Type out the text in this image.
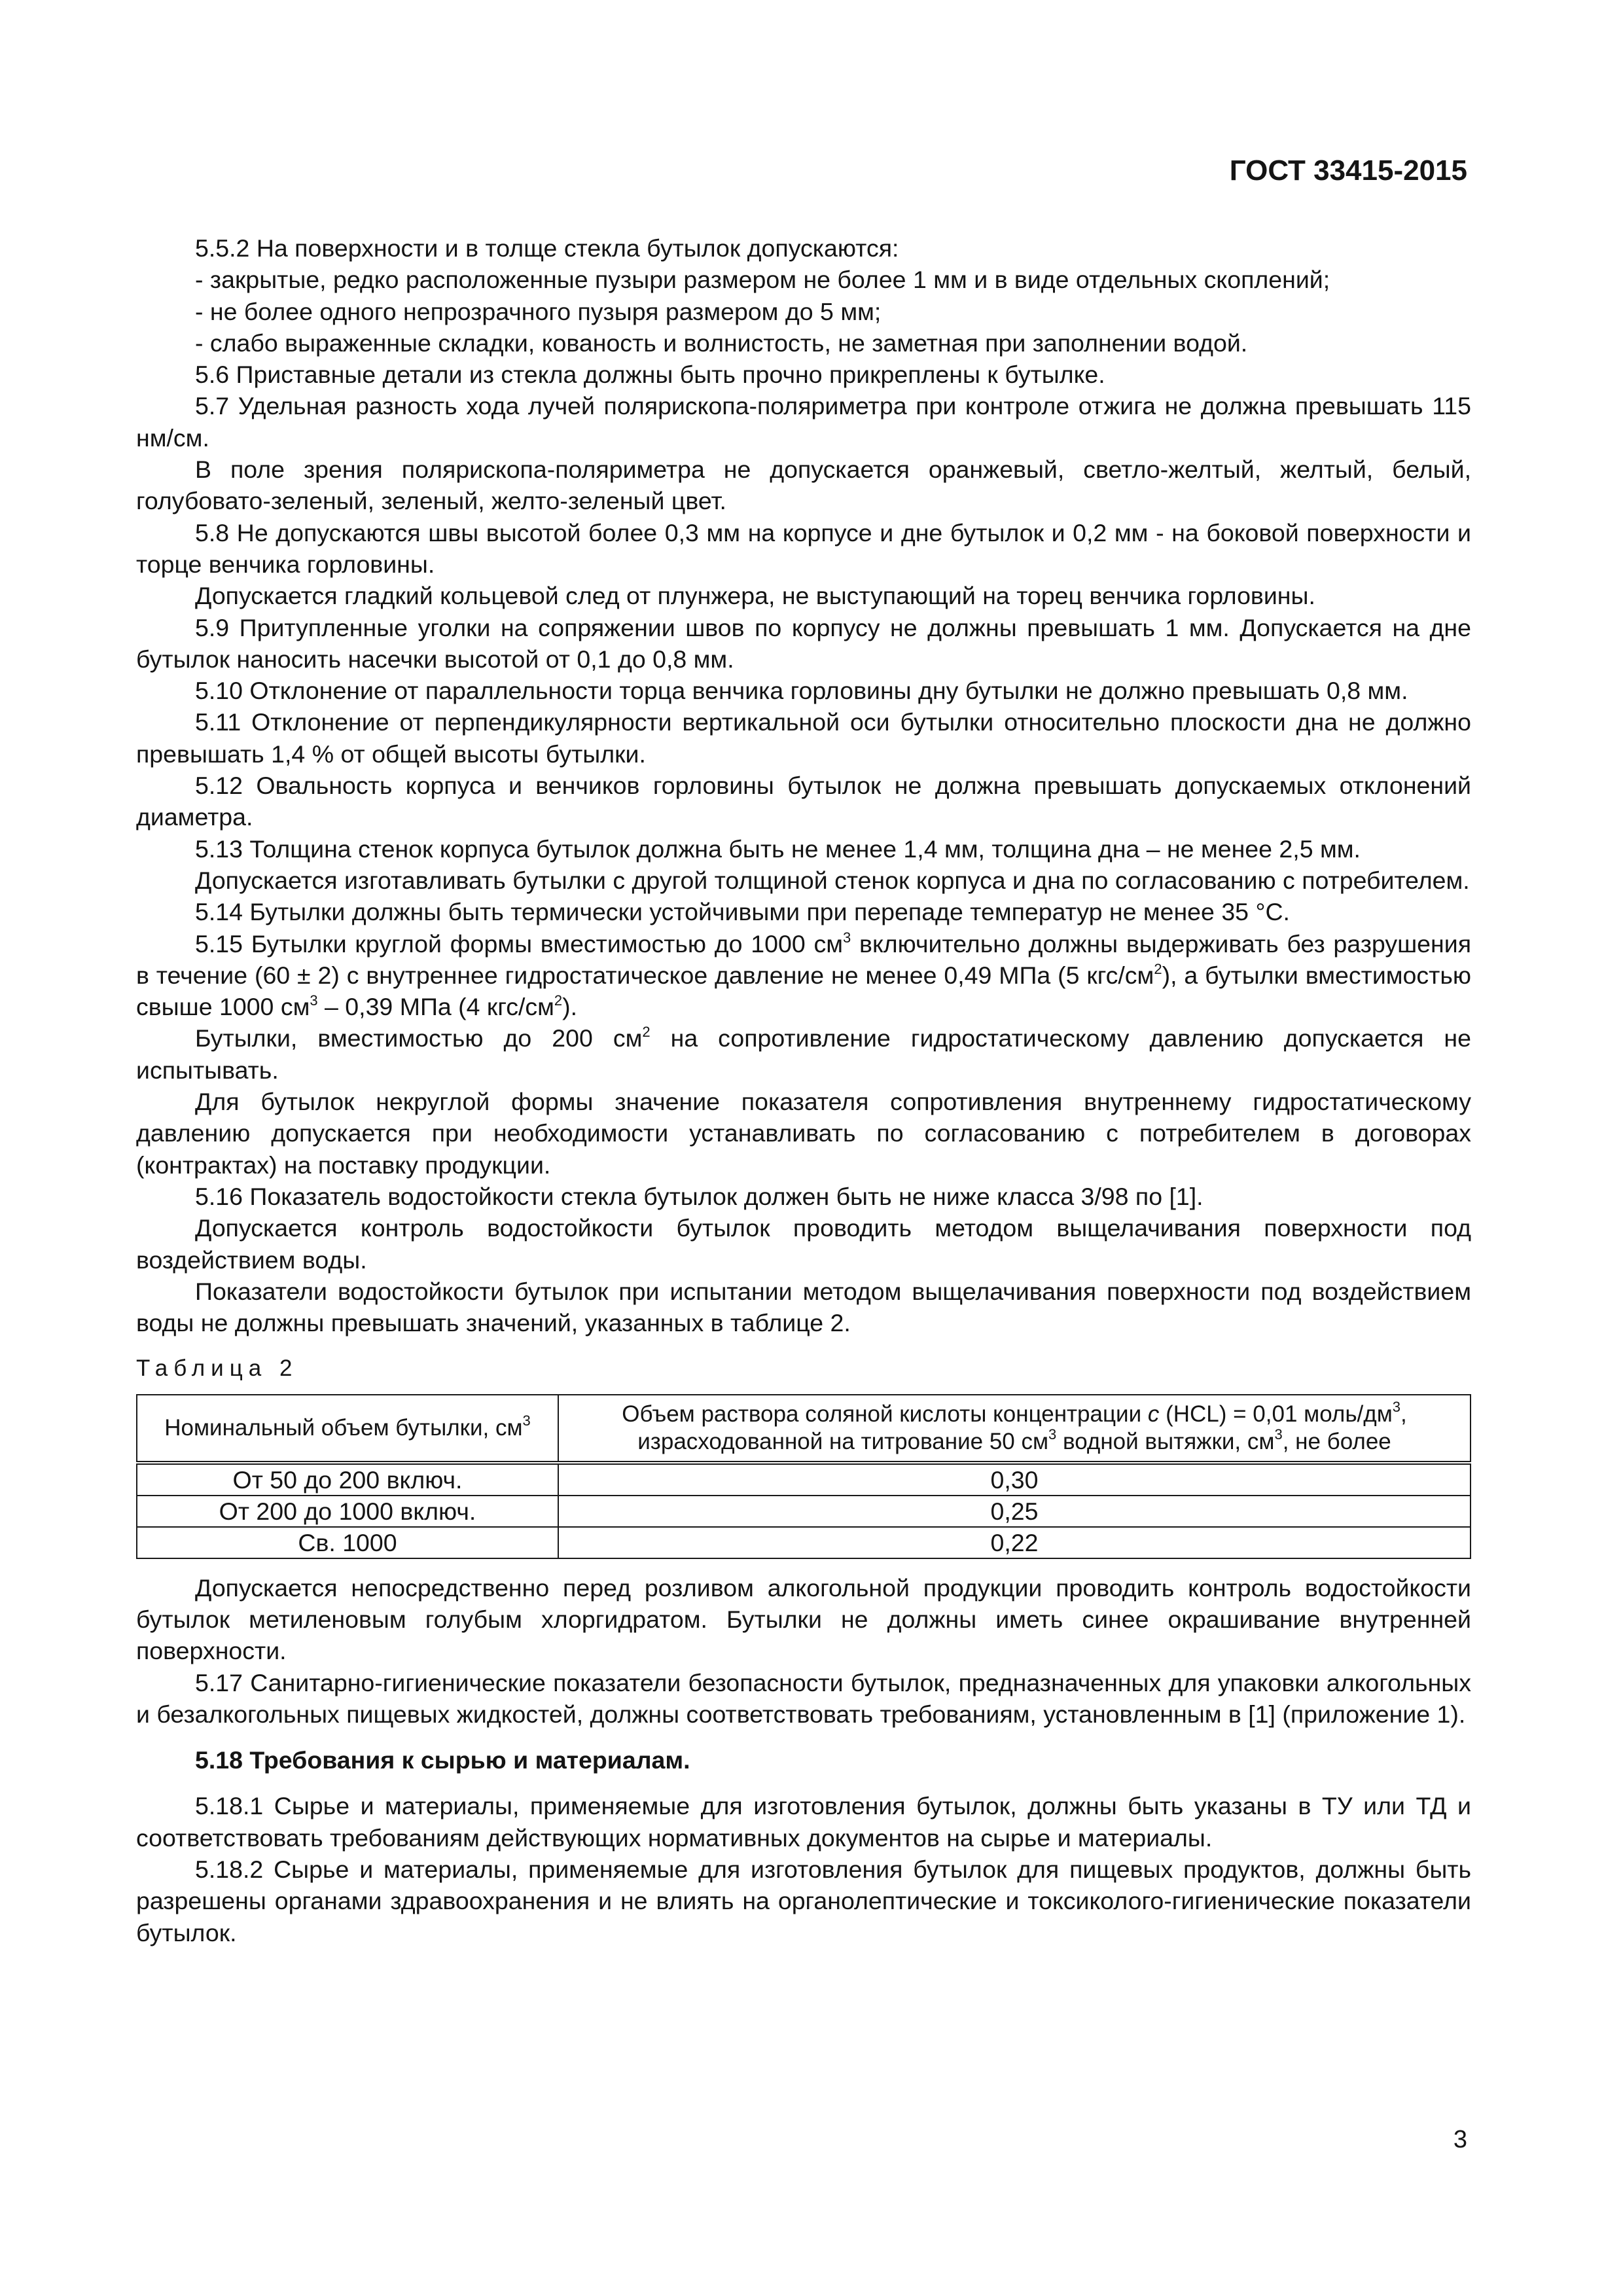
ГОСТ 33415-2015

5.5.2 На поверхности и в толще стекла бутылок допускаются:

- закрытые, редко расположенные пузыри размером не более 1 мм и в виде отдельных скоплений;

- не более одного непрозрачного пузыря размером до 5 мм;

- слабо выраженные складки, кованость и волнистость, не заметная при заполнении водой.

5.6 Приставные детали из стекла должны быть прочно прикреплены к бутылке.

5.7 Удельная разность хода лучей полярископа-поляриметра при контроле отжига не должна превышать 115 нм/см.

В поле зрения полярископа-поляриметра не допускается оранжевый, светло-желтый, желтый, белый, голубовато-зеленый, зеленый, желто-зеленый цвет.

5.8 Не допускаются швы высотой более 0,3 мм на корпусе и дне бутылок и 0,2 мм - на боковой поверхности и торце венчика горловины.

Допускается гладкий кольцевой след от плунжера, не выступающий на торец венчика горловины.

5.9 Притупленные уголки на сопряжении швов по корпусу не должны превышать 1 мм. Допускается на дне бутылок наносить насечки высотой от 0,1 до 0,8 мм.

5.10 Отклонение от параллельности торца венчика горловины дну бутылки не должно превышать 0,8 мм.

5.11 Отклонение от перпендикулярности вертикальной оси бутылки относительно плоскости дна не должно превышать 1,4 % от общей высоты бутылки.

5.12 Овальность корпуса и венчиков горловины бутылок не должна превышать допускаемых отклонений диаметра.

5.13 Толщина стенок корпуса бутылок должна быть не менее 1,4 мм, толщина дна – не менее 2,5 мм.

Допускается изготавливать бутылки с другой толщиной стенок корпуса и дна по согласованию с потребителем.

5.14 Бутылки должны быть термически устойчивыми при перепаде температур не менее 35 °С.

5.15 Бутылки круглой формы вместимостью до 1000 $см^3$ включительно должны выдерживать без разрушения в течение (60 ± 2) с внутреннее гидростатическое давление не менее 0,49 МПа (5 кгс/$см^2$), а бутылки вместимостью свыше 1000 $см^3 - 0,39$ МПа (4 кгс/$см^2$).

Бутылки, вместимостью до 200 $см^2$ на сопротивление гидростатическому давлению допускается не испытывать.

Для бутылок некруглой формы значение показателя сопротивления внутреннему гидростатическому давлению допускается при необходимости устанавливать по согласованию с потребителем в договорах (контрактах) на поставку продукции.

5.16 Показатель водостойкости стекла бутылок должен быть не ниже класса 3/98 по [1].

Допускается контроль водостойкости бутылок проводить методом выщелачивания поверхности под воздействием воды.

Показатели водостойкости бутылок при испытании методом выщелачивания поверхности под воздействием воды не должны превышать значений, указанных в таблице 2.

Таблица 2

Номинальный объем бутылки, $см^3$	Объем раствора соляной кислоты концентрации с (HCL) = 0,01 моль/$дм^3$, израсходованной на титрование 50 $см^3$ водной вытяжки, $см^3$, не более
От 50 до 200 включ.	0,30
От 200 до 1000 включ.	0,25
Св. 1000	0,22

Допускается непосредственно перед розливом алкогольной продукции проводить контроль водостойкости бутылок метиленовым голубым хлоргидратом. Бутылки не должны иметь синее окрашивание внутренней поверхности.

5.17 Санитарно-гигиенические показатели безопасности бутылок, предназначенных для упаковки алкогольных и безалкогольных пищевых жидкостей, должны соответствовать требованиям, установленным в [1] (приложение 1).

5.18 Требования к сырью и материалам.

5.18.1 Сырье и материалы, применяемые для изготовления бутылок, должны быть указаны в ТУ или ТД и соответствовать требованиям действующих нормативных документов на сырье и материалы.

5.18.2 Сырье и материалы, применяемые для изготовления бутылок для пищевых продуктов, должны быть разрешены органами здравоохранения и не влиять на органолептические и токсиколого-гигиенические показатели бутылок.

3
